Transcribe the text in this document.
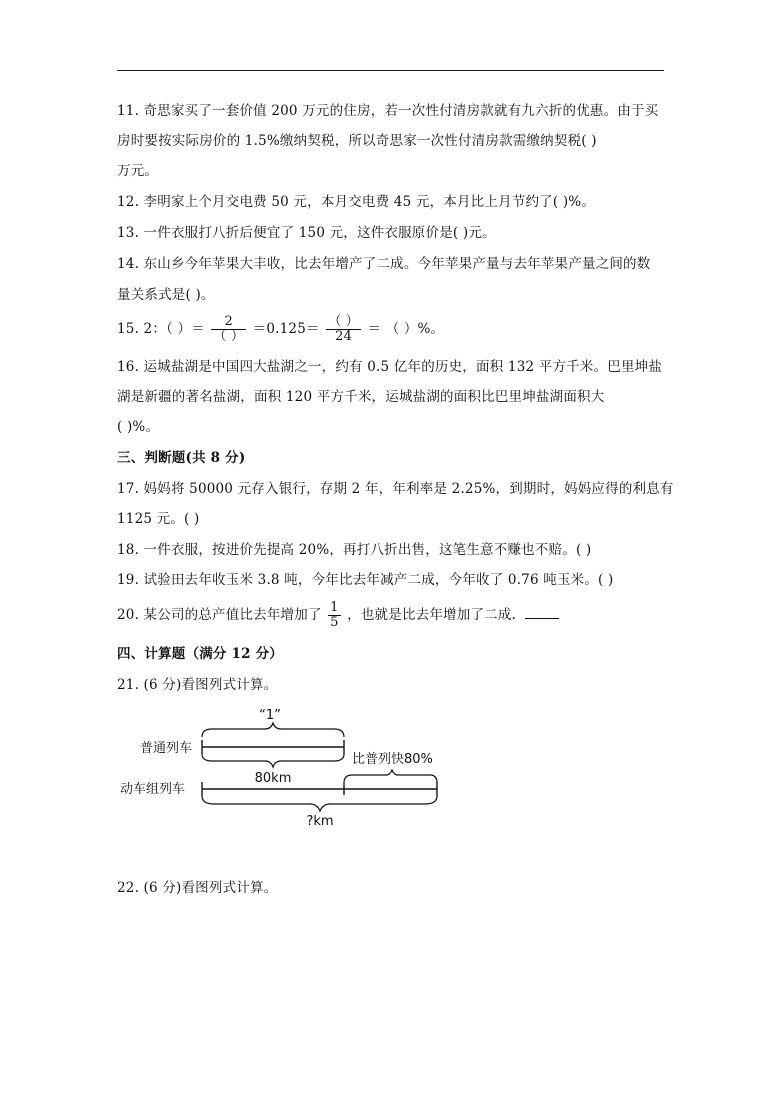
11. 奇思家买了一套价值 200 万元的住房，若一次性付清房款就有九六折的优惠。由于买
房时要按实际房价的 1.5%缴纳契税，所以奇思家一次性付清房款需缴纳契税( )
万元。
12. 李明家上个月交电费 50 元，本月交电费 45 元，本月比上月节约了( )%。
13. 一件衣服打八折后便宜了 150 元，这件衣服原价是( )元。
14. 东山乡今年苹果大丰收，比去年增产了二成。今年苹果产量与去年苹果产量之间的数
量关系式是( )。
15. 2：（ ）＝ $\frac{2}{( )} =0.125= \frac{( )}{24}$ ＝ （ ）%。
16. 运城盐湖是中国四大盐湖之一，约有 0.5 亿年的历史，面积 132 平方千米。巴里坤盐
湖是新疆的著名盐湖，面积 120 平方千米，运城盐湖的面积比巴里坤盐湖面积大
( )%。
三、判断题(共 8 分)
17. 妈妈将 50000 元存入银行，存期 2 年，年利率是 2.25%，到期时，妈妈应得的利息有
1125 元。( )
18. 一件衣服，按进价先提高 20%，再打八折出售，这笔生意不赚也不赔。( )
19. 试验田去年收玉米 3.8 吨，今年比去年减产二成，今年收了 0.76 吨玉米。( )
20. 某公司的总产值比去年增加了 $\frac{1}{5}$ ，也就是比去年增加了二成.
四、计算题（满分 12 分）
21. (6 分)看图列式计算。
“1”
普通列车
80km
比普列快80%
动车组列车
?km
22. (6 分)看图列式计算。
